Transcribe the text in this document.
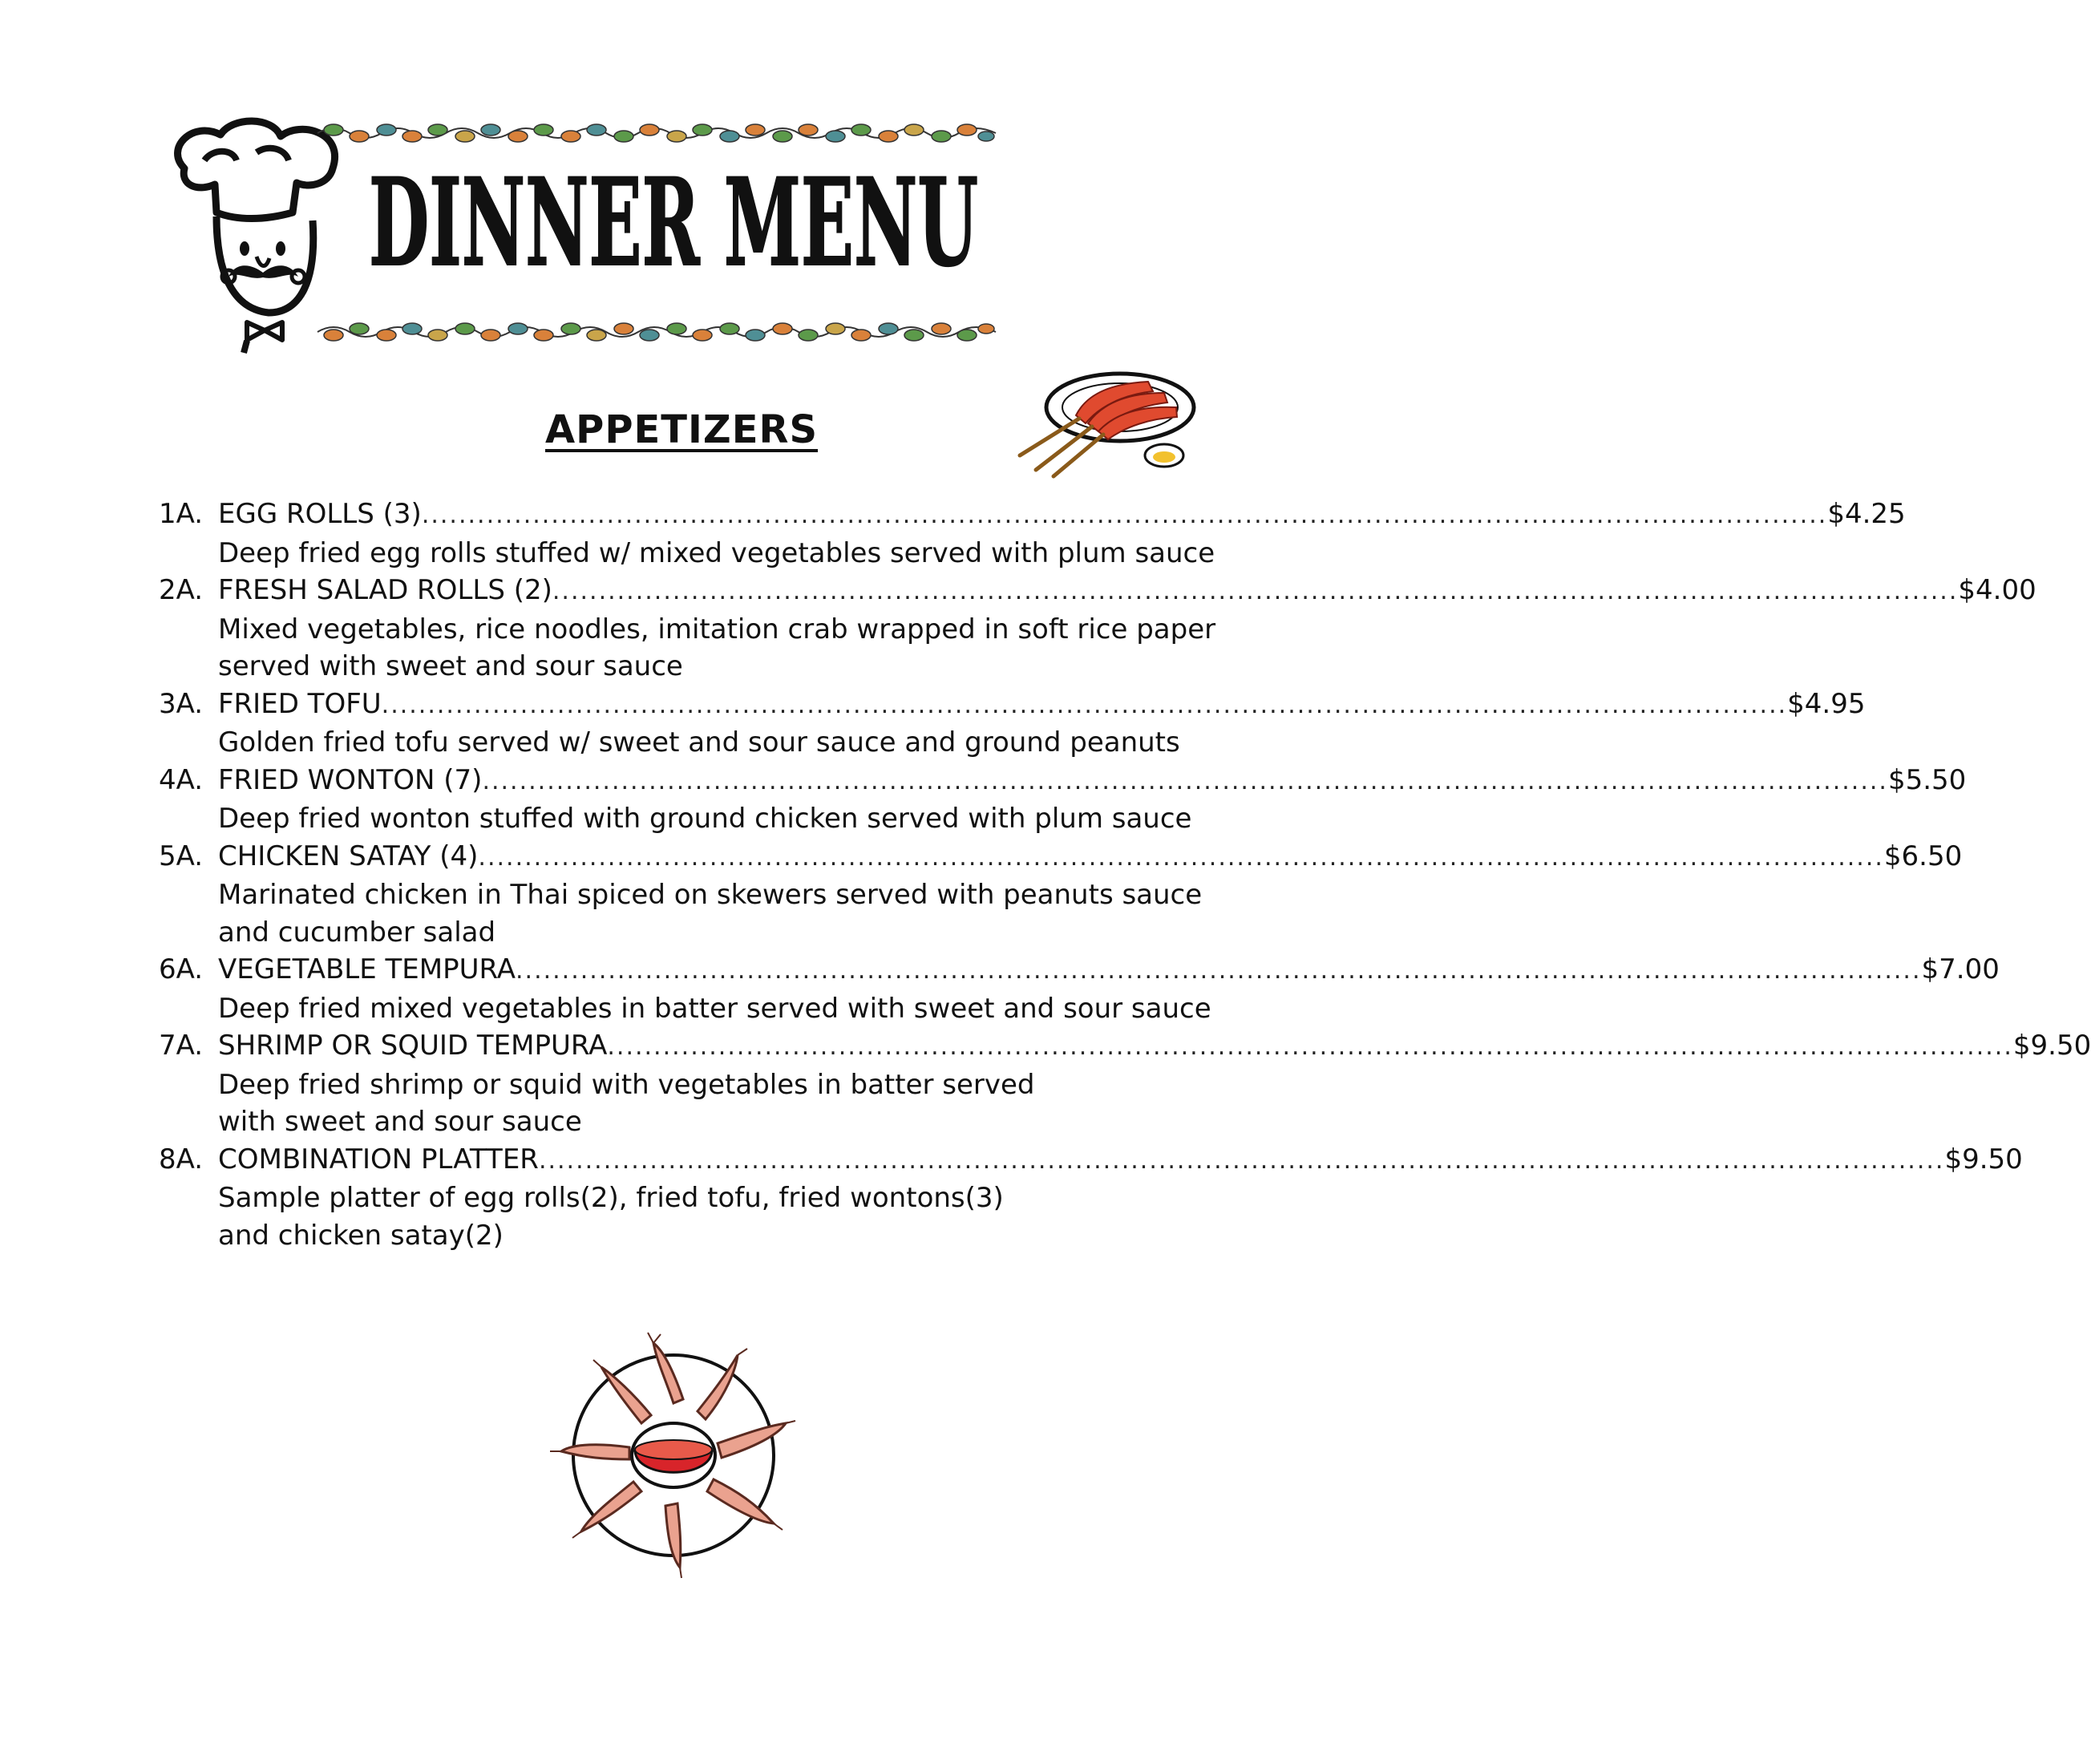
DINNER MENU
APPETIZERS
1A. EGG ROLLS (3) .....	$4.25
Deep fried egg rolls stuffed w/ mixed vegetables served with plum sauce
2A. FRESH SALAD ROLLS (2) .....	$4.00
Mixed vegetables, rice noodles, imitation crab wrapped in soft rice paper
served with sweet and sour sauce
3A. FRIED TOFU .....	$4.95
Golden fried tofu served w/ sweet and sour sauce and ground peanuts
4A. FRIED WONTON (7) .....	$5.50
Deep fried wonton stuffed with ground chicken served with plum sauce
5A. CHICKEN SATAY (4) .....	$6.50
Marinated chicken in Thai spiced on skewers served with peanuts sauce
and cucumber salad
6A. VEGETABLE TEMPURA .....	$7.00
Deep fried mixed vegetables in batter served with sweet and sour sauce
7A. SHRIMP OR SQUID TEMPURA .....	$9.50
Deep fried shrimp or squid with vegetables in batter served
with sweet and sour sauce
8A. COMBINATION PLATTER .....	$9.50
Sample platter of egg rolls(2), fried tofu, fried wontons(3)
and chicken satay(2)
